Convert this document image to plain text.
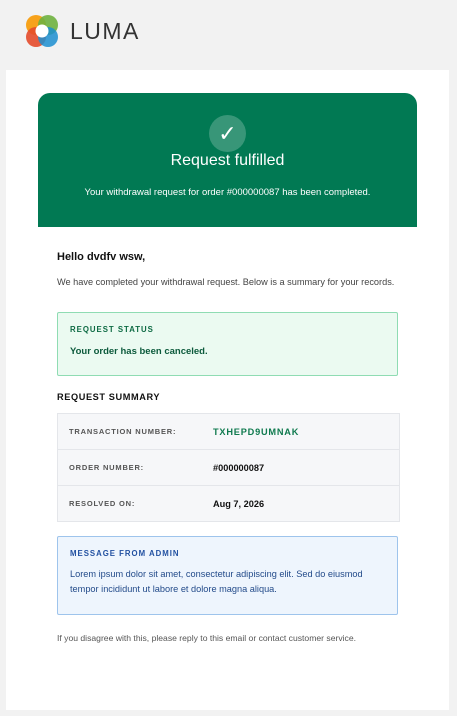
LUMA
✓
Request fulfilled
Your withdrawal request for order #000000087 has been completed.
Hello dvdfv wsw,
We have completed your withdrawal request. Below is a summary for your records.
REQUEST STATUS
Your order has been canceled.
REQUEST SUMMARY
TRANSACTION NUMBER:	TXHEPD9UMNAK
ORDER NUMBER:	#000000087
RESOLVED ON:	Aug 7, 2026
MESSAGE FROM ADMIN
Lorem ipsum dolor sit amet, consectetur adipiscing elit. Sed do eiusmod tempor incididunt ut labore et dolore magna aliqua.
If you disagree with this, please reply to this email or contact customer service.
